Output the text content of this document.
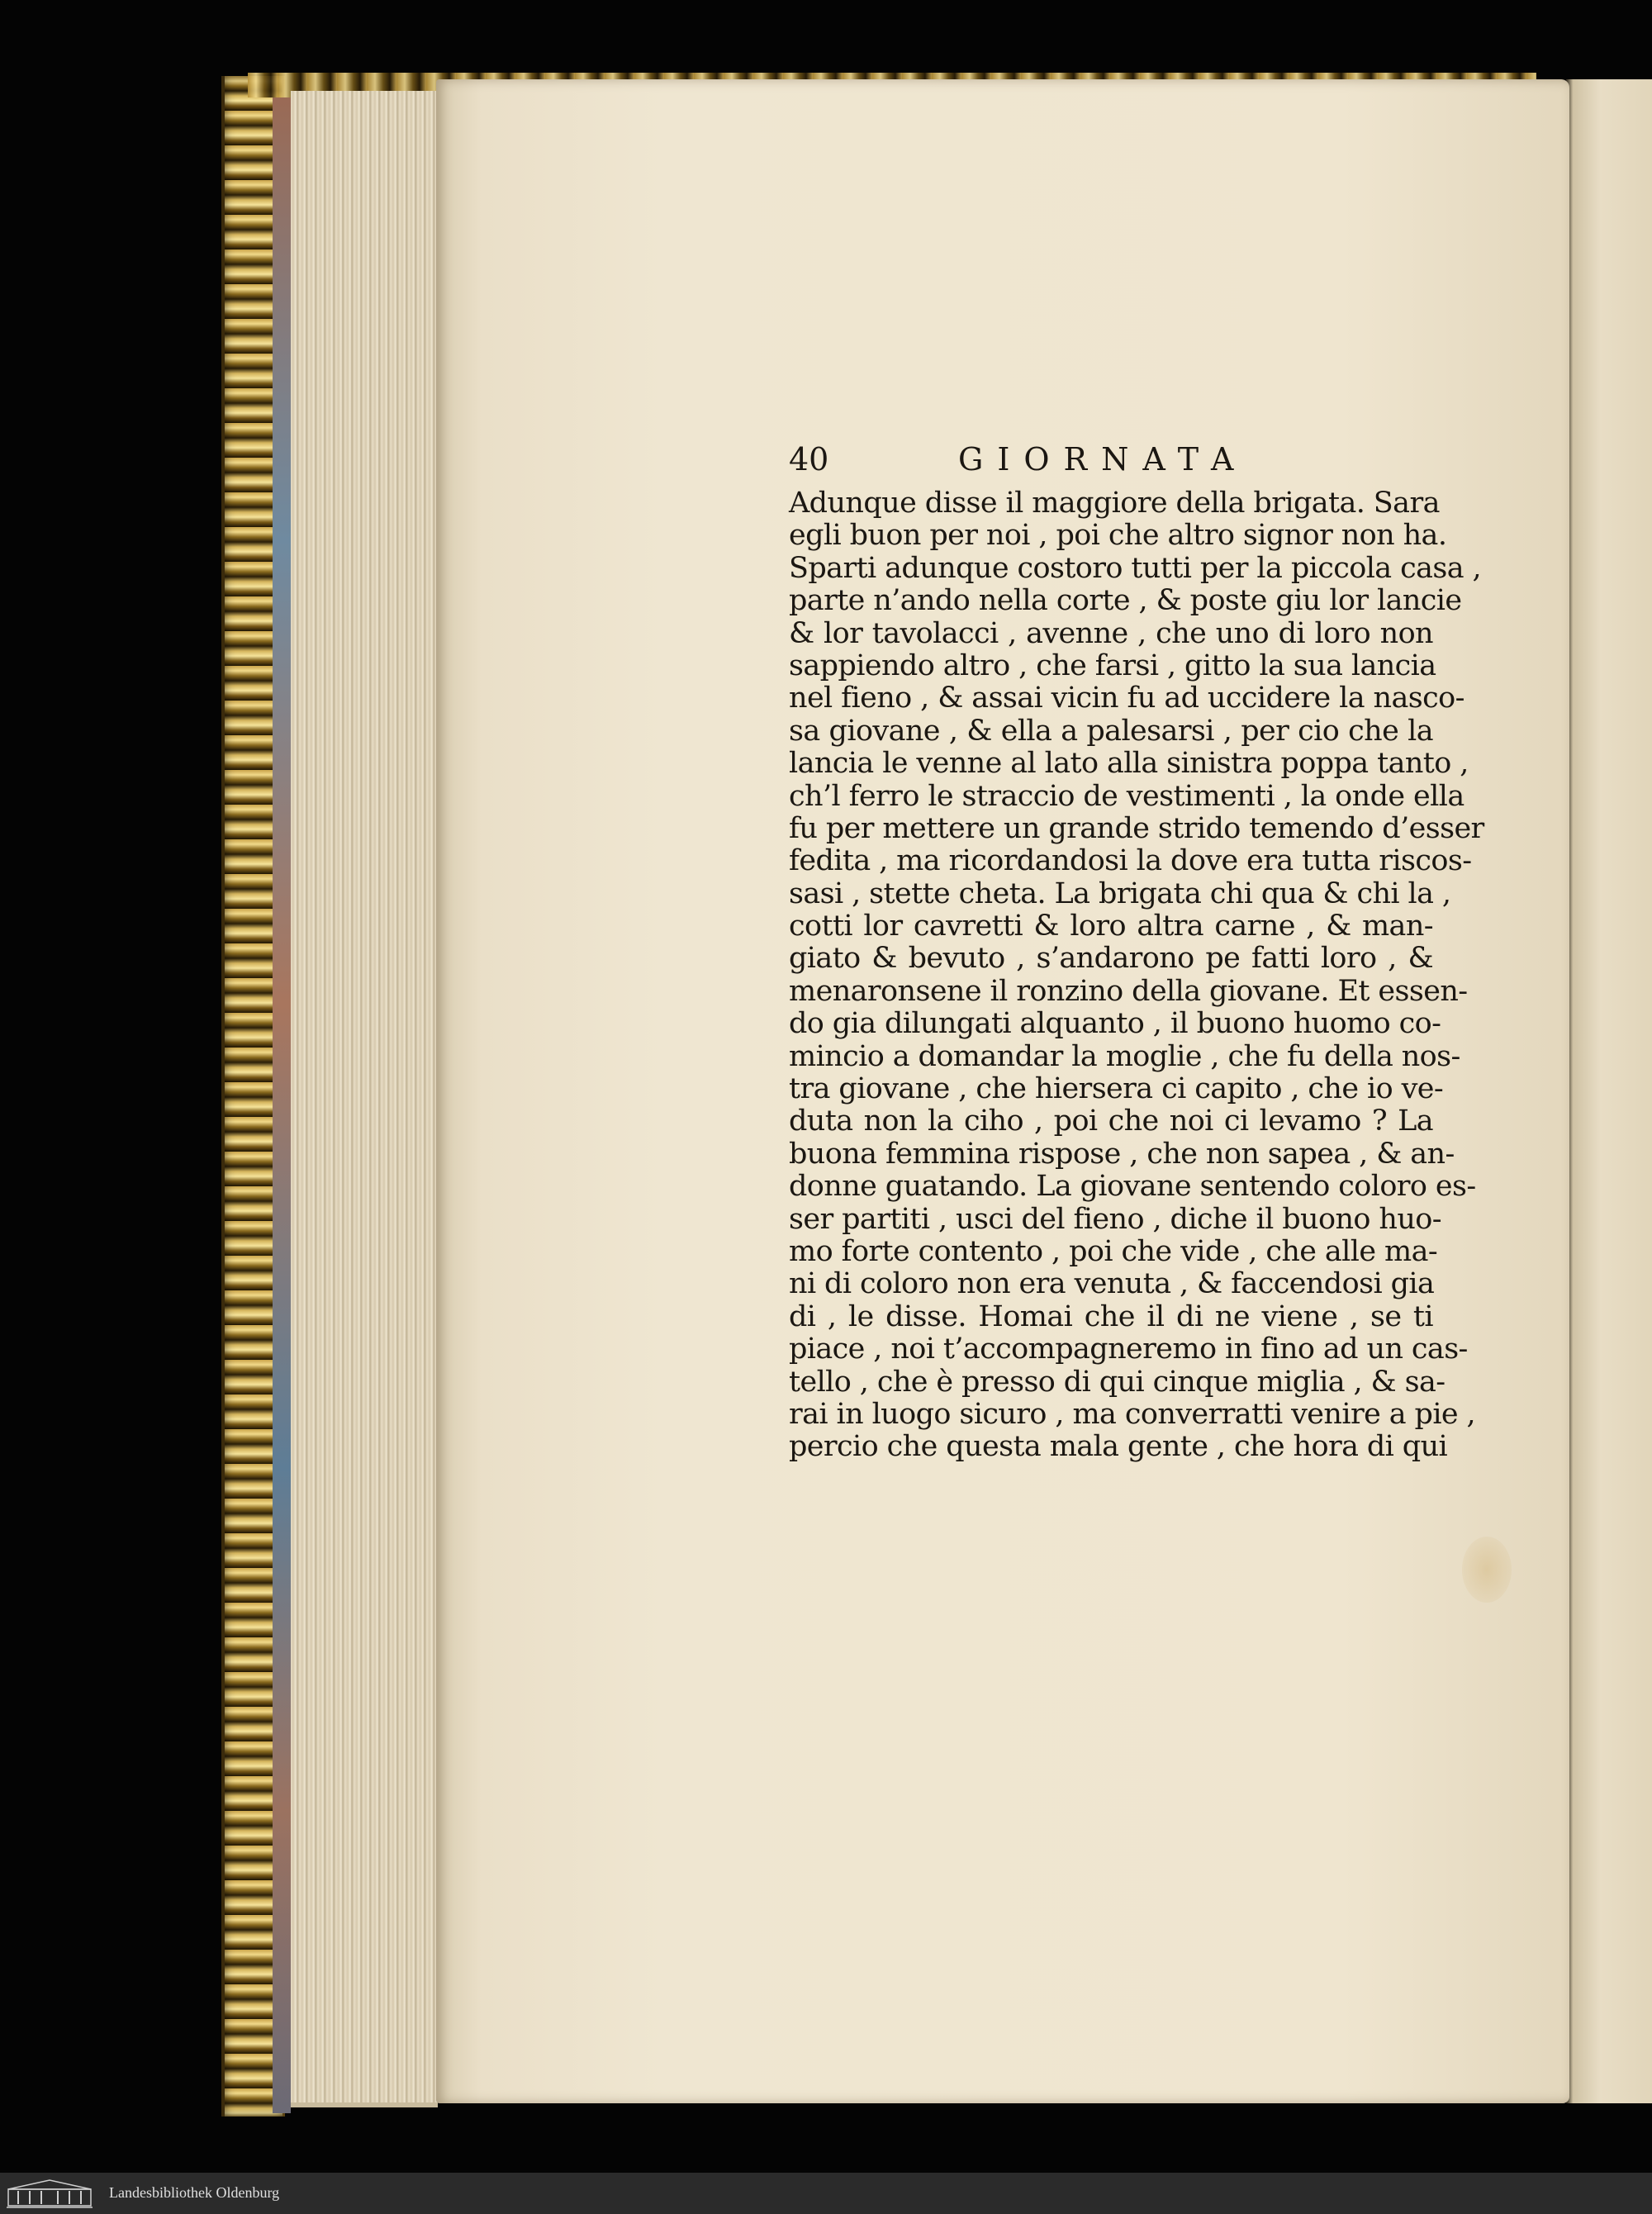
40	GIORNATA
Adunque disse il maggiore della brigata. Sara
egli buon per noi , poi che altro signor non ha.
Sparti adunque costoro tutti per la piccola casa ,
parte n’ando nella corte , & poste giu lor lancie
& lor tavolacci , avenne , che uno di loro non
sappiendo altro , che farsi , gitto la sua lancia
nel fieno , & assai vicin fu ad uccidere la nasco-
sa giovane , & ella a palesarsi , per cio che la
lancia le venne al lato alla sinistra poppa tanto ,
ch’l ferro le straccio de vestimenti , la onde ella
fu per mettere un grande strido temendo d’esser
fedita , ma ricordandosi la dove era tutta riscos-
sasi , stette cheta. La brigata chi qua & chi la ,
cotti lor cavretti & loro altra carne , & man-
giato & bevuto , s’andarono pe fatti loro , &
menaronsene il ronzino della giovane. Et essen-
do gia dilungati alquanto , il buono huomo co-
mincio a domandar la moglie , che fu della nos-
tra giovane , che hiersera ci capito , che io ve-
duta non la ciho , poi che noi ci levamo ? La
buona femmina rispose , che non sapea , & an-
donne guatando. La giovane sentendo coloro es-
ser partiti , usci del fieno , diche il buono huo-
mo forte contento , poi che vide , che alle ma-
ni di coloro non era venuta , & faccendosi gia
di , le disse. Homai che il di ne viene , se ti
piace , noi t’accompagneremo in fino ad un cas-
tello , che è presso di qui cinque miglia , & sa-
rai in luogo sicuro , ma converratti venire a pie ,
percio che questa mala gente , che hora di qui
Landesbibliothek Oldenburg
